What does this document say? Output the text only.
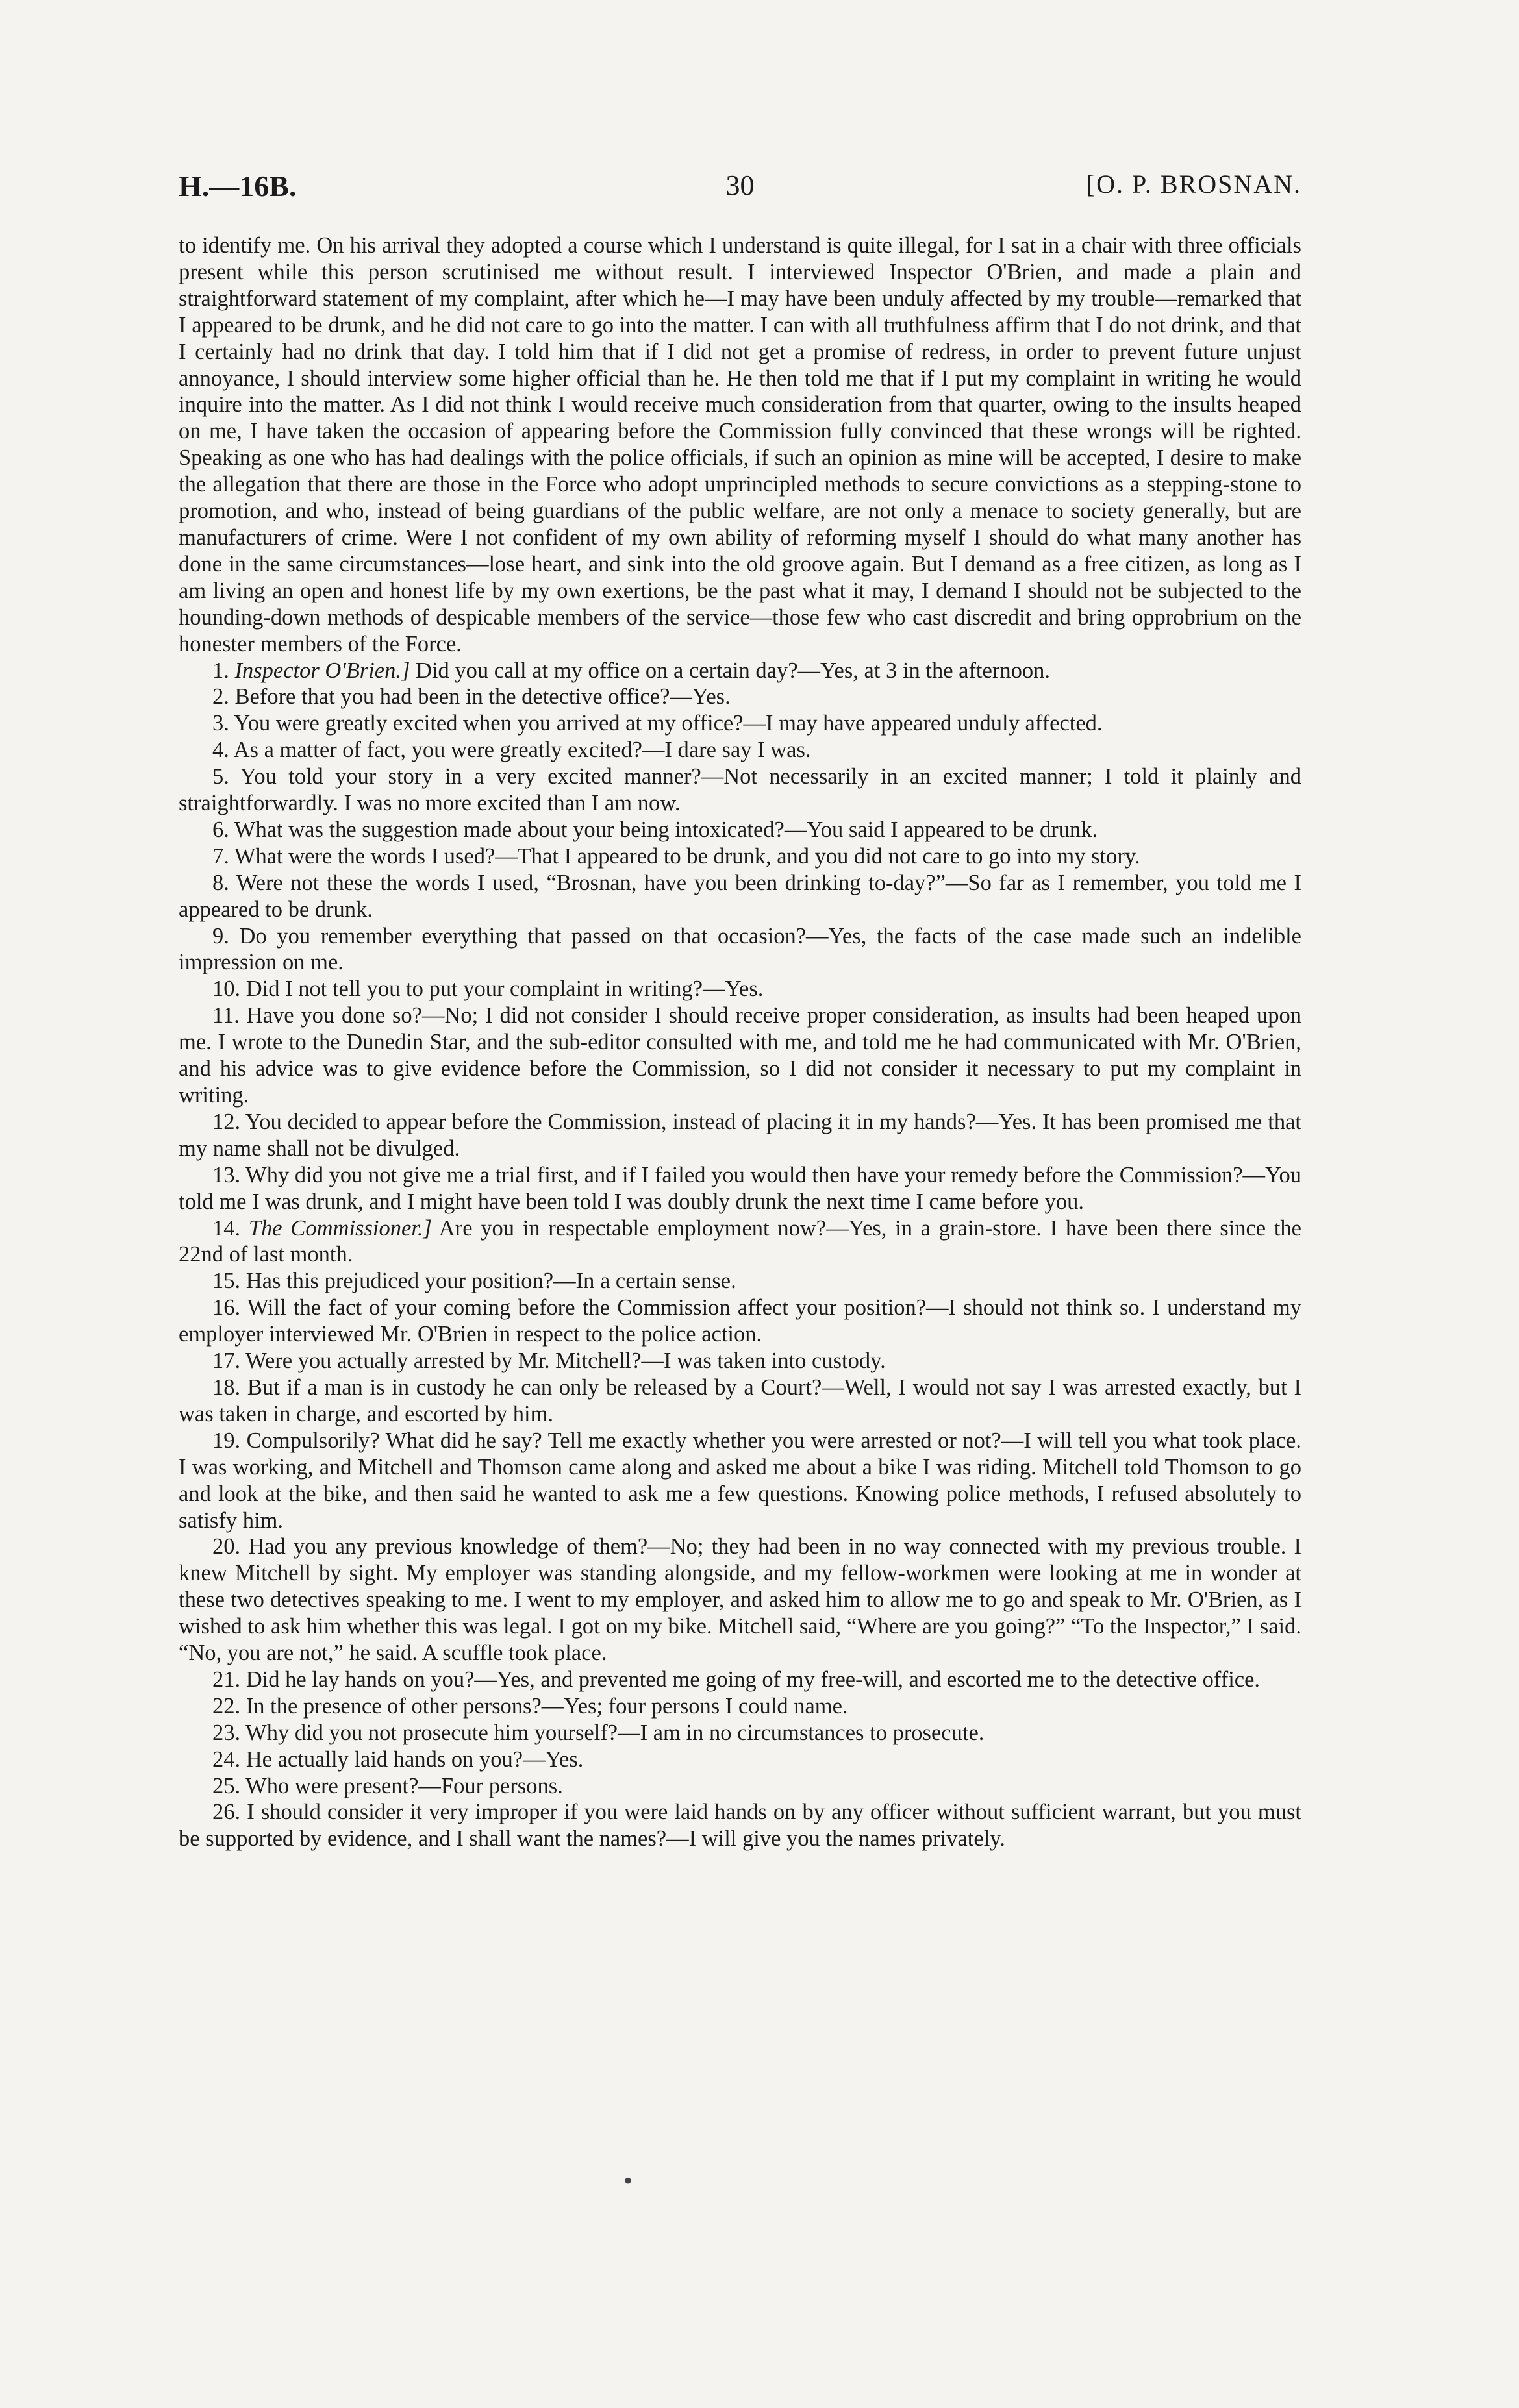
H.—16B.	30	[O. P. BROSNAN.

to identify me. On his arrival they adopted a course which I understand is quite illegal, for I sat in a chair with three officials present while this person scrutinised me without result. I interviewed Inspector O'Brien, and made a plain and straightforward statement of my complaint, after which he—I may have been unduly affected by my trouble—remarked that I appeared to be drunk, and he did not care to go into the matter. I can with all truthfulness affirm that I do not drink, and that I certainly had no drink that day. I told him that if I did not get a promise of redress, in order to prevent future unjust annoyance, I should interview some higher official than he. He then told me that if I put my complaint in writing he would inquire into the matter. As I did not think I would receive much consideration from that quarter, owing to the insults heaped on me, I have taken the occasion of appearing before the Commission fully convinced that these wrongs will be righted. Speaking as one who has had dealings with the police officials, if such an opinion as mine will be accepted, I desire to make the allegation that there are those in the Force who adopt unprincipled methods to secure convictions as a stepping-stone to promotion, and who, instead of being guardians of the public welfare, are not only a menace to society generally, but are manufacturers of crime. Were I not confident of my own ability of reforming myself I should do what many another has done in the same circumstances—lose heart, and sink into the old groove again. But I demand as a free citizen, as long as I am living an open and honest life by my own exertions, be the past what it may, I demand I should not be subjected to the hounding-down methods of despicable members of the service—those few who cast discredit and bring opprobrium on the honester members of the Force.

1. Inspector O'Brien.] Did you call at my office on a certain day?—Yes, at 3 in the afternoon.

2. Before that you had been in the detective office?—Yes.

3. You were greatly excited when you arrived at my office?—I may have appeared unduly affected.

4. As a matter of fact, you were greatly excited?—I dare say I was.

5. You told your story in a very excited manner?—Not necessarily in an excited manner; I told it plainly and straightforwardly. I was no more excited than I am now.

6. What was the suggestion made about your being intoxicated?—You said I appeared to be drunk.

7. What were the words I used?—That I appeared to be drunk, and you did not care to go into my story.

8. Were not these the words I used, “Brosnan, have you been drinking to-day?”—So far as I remember, you told me I appeared to be drunk.

9. Do you remember everything that passed on that occasion?—Yes, the facts of the case made such an indelible impression on me.

10. Did I not tell you to put your complaint in writing?—Yes.

11. Have you done so?—No; I did not consider I should receive proper consideration, as insults had been heaped upon me. I wrote to the Dunedin Star, and the sub-editor consulted with me, and told me he had communicated with Mr. O'Brien, and his advice was to give evidence before the Commission, so I did not consider it necessary to put my complaint in writing.

12. You decided to appear before the Commission, instead of placing it in my hands?—Yes. It has been promised me that my name shall not be divulged.

13. Why did you not give me a trial first, and if I failed you would then have your remedy before the Commission?—You told me I was drunk, and I might have been told I was doubly drunk the next time I came before you.

14. The Commissioner.] Are you in respectable employment now?—Yes, in a grain-store. I have been there since the 22nd of last month.

15. Has this prejudiced your position?—In a certain sense.

16. Will the fact of your coming before the Commission affect your position?—I should not think so. I understand my employer interviewed Mr. O'Brien in respect to the police action.

17. Were you actually arrested by Mr. Mitchell?—I was taken into custody.

18. But if a man is in custody he can only be released by a Court?—Well, I would not say I was arrested exactly, but I was taken in charge, and escorted by him.

19. Compulsorily? What did he say? Tell me exactly whether you were arrested or not?—I will tell you what took place. I was working, and Mitchell and Thomson came along and asked me about a bike I was riding. Mitchell told Thomson to go and look at the bike, and then said he wanted to ask me a few questions. Knowing police methods, I refused absolutely to satisfy him.

20. Had you any previous knowledge of them?—No; they had been in no way connected with my previous trouble. I knew Mitchell by sight. My employer was standing alongside, and my fellow-workmen were looking at me in wonder at these two detectives speaking to me. I went to my employer, and asked him to allow me to go and speak to Mr. O'Brien, as I wished to ask him whether this was legal. I got on my bike. Mitchell said, “Where are you going?” “To the Inspector,” I said. “No, you are not,” he said. A scuffle took place.

21. Did he lay hands on you?—Yes, and prevented me going of my free-will, and escorted me to the detective office.

22. In the presence of other persons?—Yes; four persons I could name.

23. Why did you not prosecute him yourself?—I am in no circumstances to prosecute.

24. He actually laid hands on you?—Yes.

25. Who were present?—Four persons.

26. I should consider it very improper if you were laid hands on by any officer without sufficient warrant, but you must be supported by evidence, and I shall want the names?—I will give you the names privately.

•
